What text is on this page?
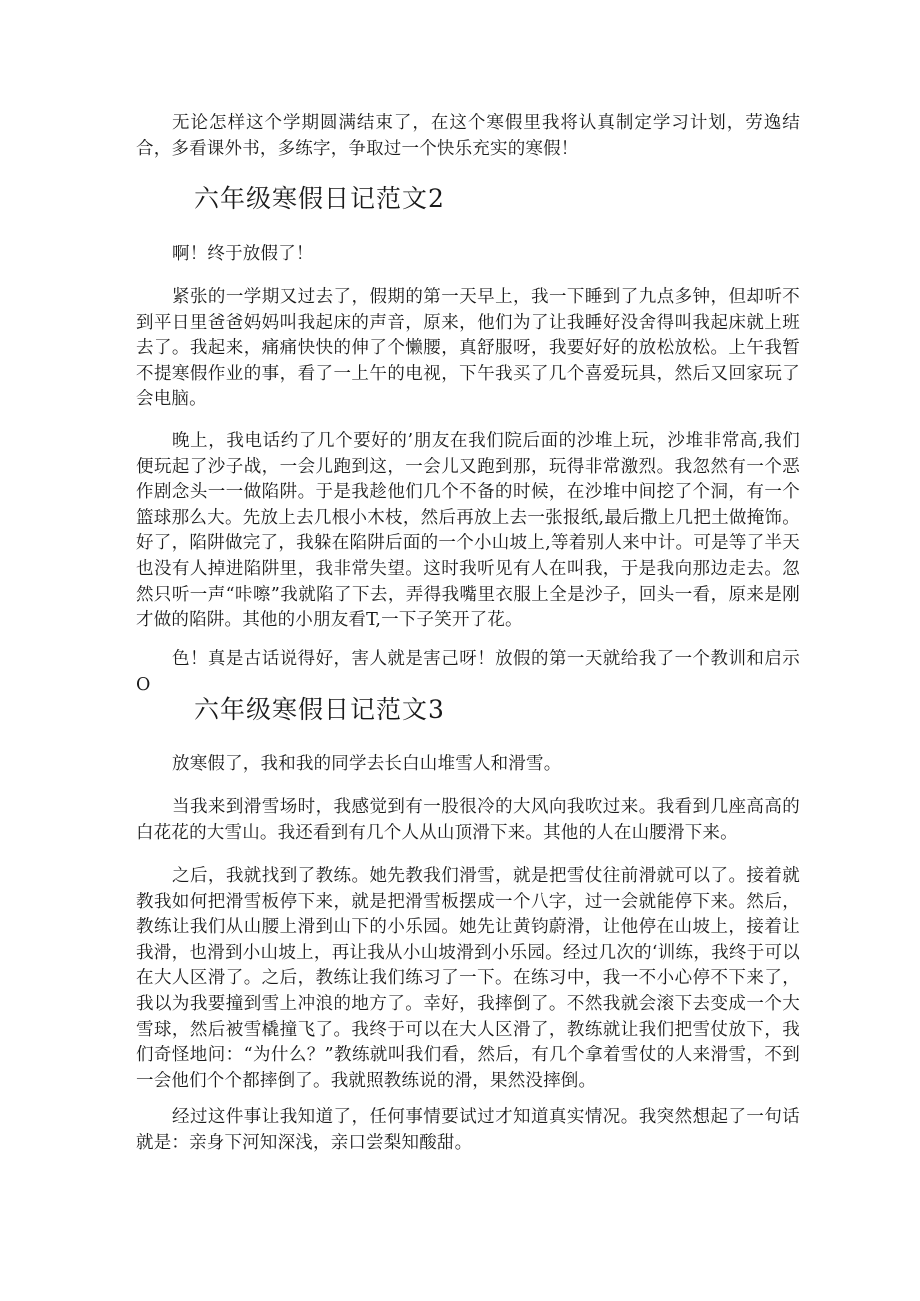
无论怎样这个学期圆满结束了，在这个寒假里我将认真制定学习计划，劳逸结合，多看课外书，多练字，争取过一个快乐充实的寒假！

六年级寒假日记范文2

啊！终于放假了！

紧张的一学期又过去了，假期的第一天早上，我一下睡到了九点多钟，但却听不到平日里爸爸妈妈叫我起床的声音，原来，他们为了让我睡好没舍得叫我起床就上班去了。我起来，痛痛快快的伸了个懒腰，真舒服呀，我要好好的放松放松。上午我暂不提寒假作业的事，看了一上午的电视，下午我买了几个喜爱玩具，然后又回家玩了会电脑。

晚上，我电话约了几个要好的’朋友在我们院后面的沙堆上玩，沙堆非常高,我们便玩起了沙子战，一会儿跑到这，一会儿又跑到那，玩得非常激烈。我忽然有一个恶作剧念头一一做陷阱。于是我趁他们几个不备的时候，在沙堆中间挖了个洞，有一个篮球那么大。先放上去几根小木枝，然后再放上去一张报纸,最后撒上几把土做掩饰。好了，陷阱做完了，我躲在陷阱后面的一个小山坡上,等着别人来中计。可是等了半天也没有人掉进陷阱里，我非常失望。这时我听见有人在叫我，于是我向那边走去。忽然只听一声“咔嚓”我就陷了下去，弄得我嘴里衣服上全是沙子，回头一看，原来是刚才做的陷阱。其他的小朋友看T,一下子笑开了花。

色！真是古话说得好，害人就是害己呀！放假的第一天就给我了一个教训和启示O

六年级寒假日记范文3

放寒假了，我和我的同学去长白山堆雪人和滑雪。

当我来到滑雪场时，我感觉到有一股很冷的大风向我吹过来。我看到几座高高的白花花的大雪山。我还看到有几个人从山顶滑下来。其他的人在山腰滑下来。

之后，我就找到了教练。她先教我们滑雪，就是把雪仗往前滑就可以了。接着就教我如何把滑雪板停下来，就是把滑雪板摆成一个八字，过一会就能停下来。然后，教练让我们从山腰上滑到山下的小乐园。她先让黄钧蔚滑，让他停在山坡上，接着让我滑，也滑到小山坡上，再让我从小山坡滑到小乐园。经过几次的‘训练，我终于可以在大人区滑了。之后，教练让我们练习了一下。在练习中，我一不小心停不下来了，我以为我要撞到雪上冲浪的地方了。幸好，我摔倒了。不然我就会滚下去变成一个大雪球，然后被雪橇撞飞了。我终于可以在大人区滑了，教练就让我们把雪仗放下，我们奇怪地问：“为什么？”教练就叫我们看，然后，有几个拿着雪仗的人来滑雪，不到一会他们个个都摔倒了。我就照教练说的滑，果然没摔倒。

经过这件事让我知道了，任何事情要试过才知道真实情况。我突然想起了一句话就是：亲身下河知深浅，亲口尝梨知酸甜。
